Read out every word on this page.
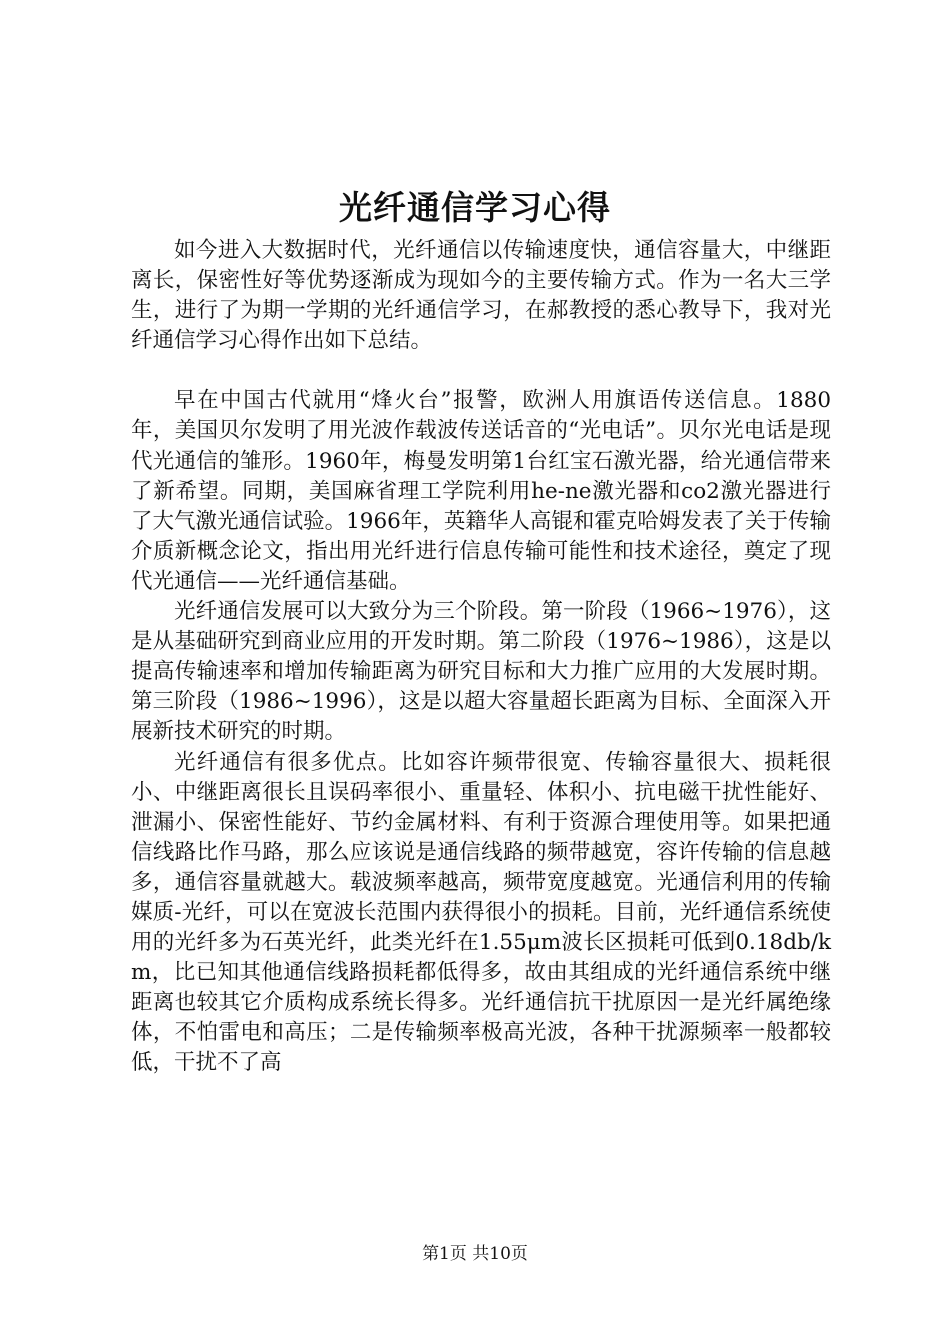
光纤通信学习心得

如今进入大数据时代，光纤通信以传输速度快，通信容量大，中继距离长，保密性好等优势逐渐成为现如今的主要传输方式。作为一名大三学生，进行了为期一学期的光纤通信学习，在郝教授的悉心教导下，我对光纤通信学习心得作出如下总结。

早在中国古代就用“烽火台”报警，欧洲人用旗语传送信息。1880年，美国贝尔发明了用光波作载波传送话音的“光电话”。贝尔光电话是现代光通信的雏形。1960年，梅曼发明第1台红宝石激光器，给光通信带来了新希望。同期，美国麻省理工学院利用he-ne激光器和co2激光器进行了大气激光通信试验。1966年，英籍华人高锟和霍克哈姆发表了关于传输介质新概念论文，指出用光纤进行信息传输可能性和技术途径，奠定了现代光通信——光纤通信基础。

光纤通信发展可以大致分为三个阶段。第一阶段（1966~1976），这是从基础研究到商业应用的开发时期。第二阶段（1976~1986），这是以提高传输速率和增加传输距离为研究目标和大力推广应用的大发展时期。第三阶段（1986~1996），这是以超大容量超长距离为目标、全面深入开展新技术研究的时期。

光纤通信有很多优点。比如容许频带很宽、传输容量很大、损耗很小、中继距离很长且误码率很小、重量轻、体积小、抗电磁干扰性能好、泄漏小、保密性能好、节约金属材料、有利于资源合理使用等。如果把通信线路比作马路，那么应该说是通信线路的频带越宽，容许传输的信息越多，通信容量就越大。载波频率越高，频带宽度越宽。光通信利用的传输媒质-光纤，可以在宽波长范围内获得很小的损耗。目前，光纤通信系统使用的光纤多为石英光纤，此类光纤在1.55μm波长区损耗可低到0.18db/km，比已知其他通信线路损耗都低得多，故由其组成的光纤通信系统中继距离也较其它介质构成系统长得多。光纤通信抗干扰原因一是光纤属绝缘体，不怕雷电和高压；二是传输频率极高光波，各种干扰源频率一般都较低，干扰不了高

第1页 共10页
